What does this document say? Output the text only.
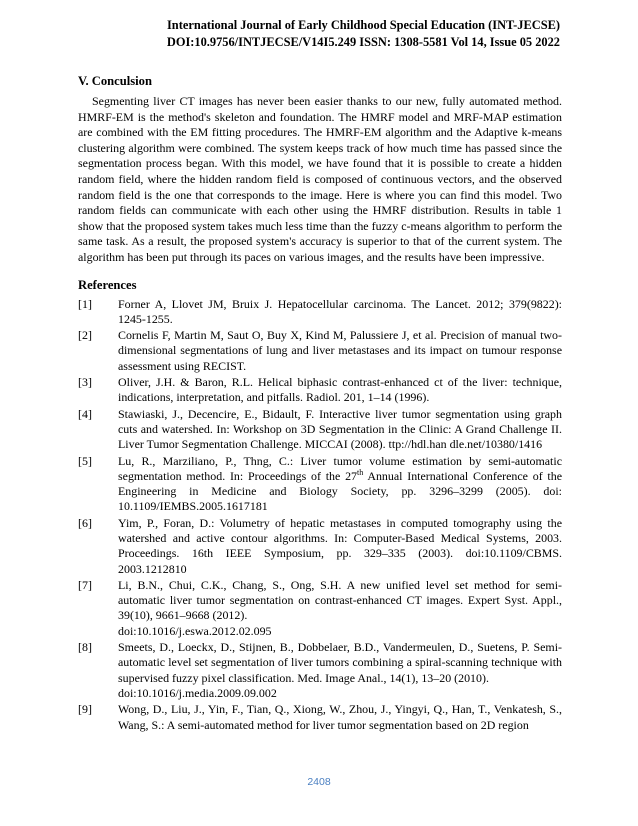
International Journal of Early Childhood Special Education (INT-JECSE)
DOI:10.9756/INTJECSE/V14I5.249 ISSN: 1308-5581 Vol 14, Issue 05 2022
V. Conculsion

Segmenting liver CT images has never been easier thanks to our new, fully automated method. HMRF-EM is the method's skeleton and foundation. The HMRF model and MRF-MAP estimation are combined with the EM fitting procedures. The HMRF-EM algorithm and the Adaptive k-means clustering algorithm were combined. The system keeps track of how much time has passed since the segmentation process began. With this model, we have found that it is possible to create a hidden random field, where the hidden random field is composed of continuous vectors, and the observed random field is the one that corresponds to the image. Here is where you can find this model. Two random fields can communicate with each other using the HMRF distribution. Results in table 1 show that the proposed system takes much less time than the fuzzy c-means algorithm to perform the same task. As a result, the proposed system's accuracy is superior to that of the current system. The algorithm has been put through its paces on various images, and the results have been impressive.

References
[1] Forner A, Llovet JM, Bruix J. Hepatocellular carcinoma. The Lancet. 2012; 379(9822): 1245-1255.
[2] Cornelis F, Martin M, Saut O, Buy X, Kind M, Palussiere J, et al. Precision of manual two-dimensional segmentations of lung and liver metastases and its impact on tumour response assessment using RECIST.
[3] Oliver, J.H. & Baron, R.L. Helical biphasic contrast-enhanced ct of the liver: technique, indications, interpretation, and pitfalls. Radiol. 201, 1–14 (1996).
[4] Stawiaski, J., Decencire, E., Bidault, F. Interactive liver tumor segmentation using graph cuts and watershed. In: Workshop on 3D Segmentation in the Clinic: A Grand Challenge II. Liver Tumor Segmentation Challenge. MICCAI (2008). ttp://hdl.han dle.net/10380/1416
[5] Lu, R., Marziliano, P., Thng, C.: Liver tumor volume estimation by semi-automatic segmentation method. In: Proceedings of the 27th Annual International Conference of the Engineering in Medicine and Biology Society, pp. 3296–3299 (2005). doi: 10.1109/IEMBS.2005.1617181
[6] Yim, P., Foran, D.: Volumetry of hepatic metastases in computed tomography using the watershed and active contour algorithms. In: Computer-Based Medical Systems, 2003. Proceedings. 16th IEEE Symposium, pp. 329–335 (2003). doi:10.1109/CBMS. 2003.1212810
[7] Li, B.N., Chui, C.K., Chang, S., Ong, S.H. A new unified level set method for semi-automatic liver tumor segmentation on contrast-enhanced CT images. Expert Syst. Appl., 39(10), 9661–9668 (2012).
doi:10.1016/j.eswa.2012.02.095
[8] Smeets, D., Loeckx, D., Stijnen, B., Dobbelaer, B.D., Vandermeulen, D., Suetens, P. Semi-automatic level set segmentation of liver tumors combining a spiral-scanning technique with supervised fuzzy pixel classification. Med. Image Anal., 14(1), 13–20 (2010).
doi:10.1016/j.media.2009.09.002
[9] Wong, D., Liu, J., Yin, F., Tian, Q., Xiong, W., Zhou, J., Yingyi, Q., Han, T., Venkatesh, S., Wang, S.: A semi-automated method for liver tumor segmentation based on 2D region
2408
